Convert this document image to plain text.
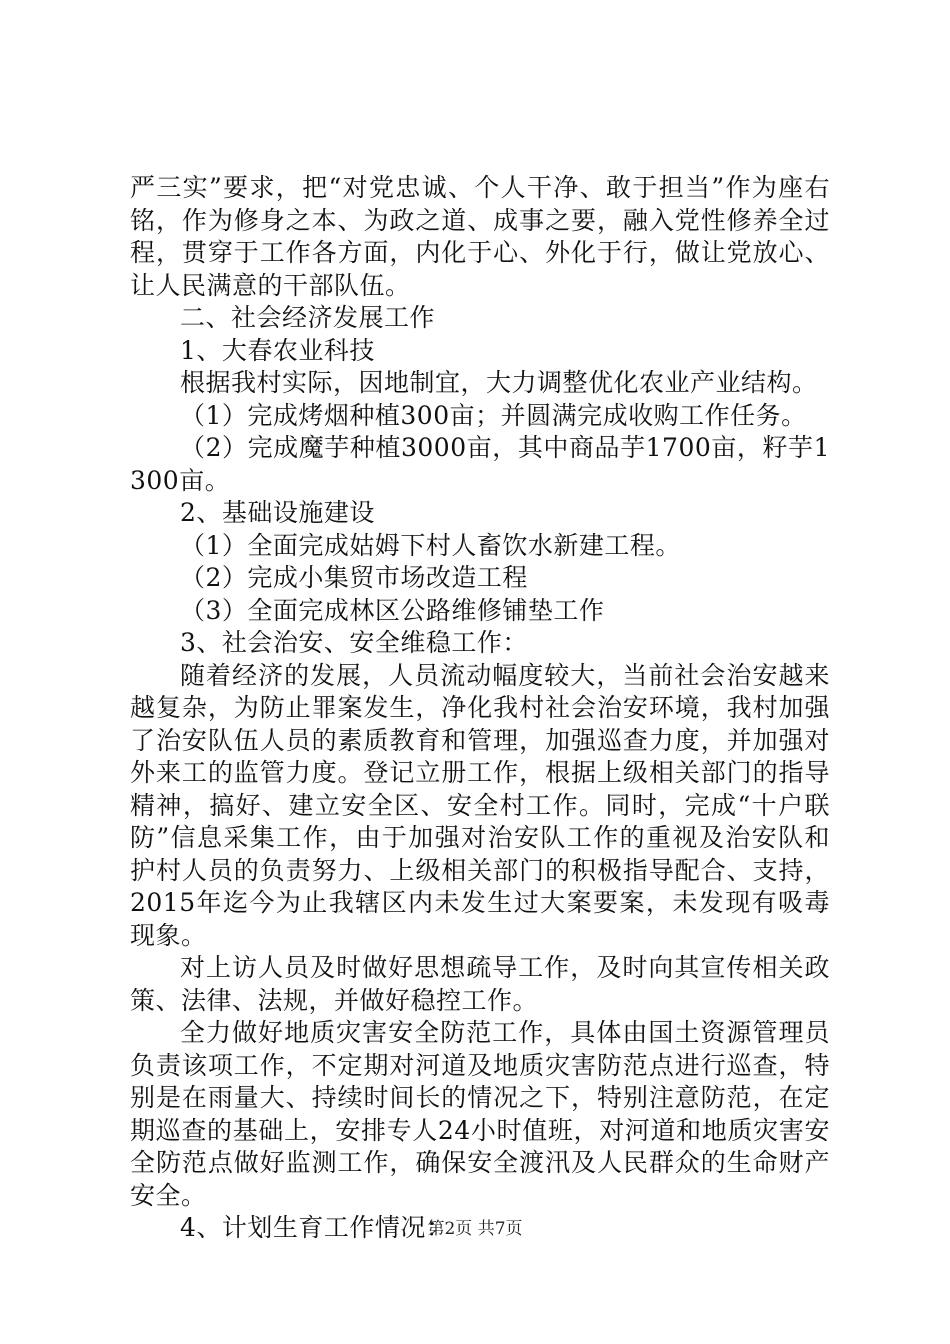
严三实”要求，把“对党忠诚、个人干净、敢于担当”作为座右铭，作为修身之本、为政之道、成事之要，融入党性修养全过程，贯穿于工作各方面，内化于心、外化于行，做让党放心、让人民满意的干部队伍。

二、社会经济发展工作

1、大春农业科技

根据我村实际，因地制宜，大力调整优化农业产业结构。

（1）完成烤烟种植300亩；并圆满完成收购工作任务。

（2）完成魔芋种植3000亩，其中商品芋1700亩，籽芋1300亩。

2、基础设施建设

（1）全面完成姑姆下村人畜饮水新建工程。

（2）完成小集贸市场改造工程

（3）全面完成林区公路维修铺垫工作

3、社会治安、安全维稳工作：

随着经济的发展，人员流动幅度较大，当前社会治安越来越复杂，为防止罪案发生，净化我村社会治安环境，我村加强了治安队伍人员的素质教育和管理，加强巡查力度，并加强对外来工的监管力度。登记立册工作，根据上级相关部门的指导精神，搞好、建立安全区、安全村工作。同时，完成“十户联防”信息采集工作，由于加强对治安队工作的重视及治安队和护村人员的负责努力、上级相关部门的积极指导配合、支持，2015年迄今为止我辖区内未发生过大案要案，未发现有吸毒现象。

对上访人员及时做好思想疏导工作，及时向其宣传相关政策、法律、法规，并做好稳控工作。

全力做好地质灾害安全防范工作，具体由国土资源管理员负责该项工作，不定期对河道及地质灾害防范点进行巡查，特别是在雨量大、持续时间长的情况之下，特别注意防范，在定期巡查的基础上，安排专人24小时值班，对河道和地质灾害安全防范点做好监测工作，确保安全渡汛及人民群众的生命财产安全。

4、计划生育工作情况：

第2页 共7页
